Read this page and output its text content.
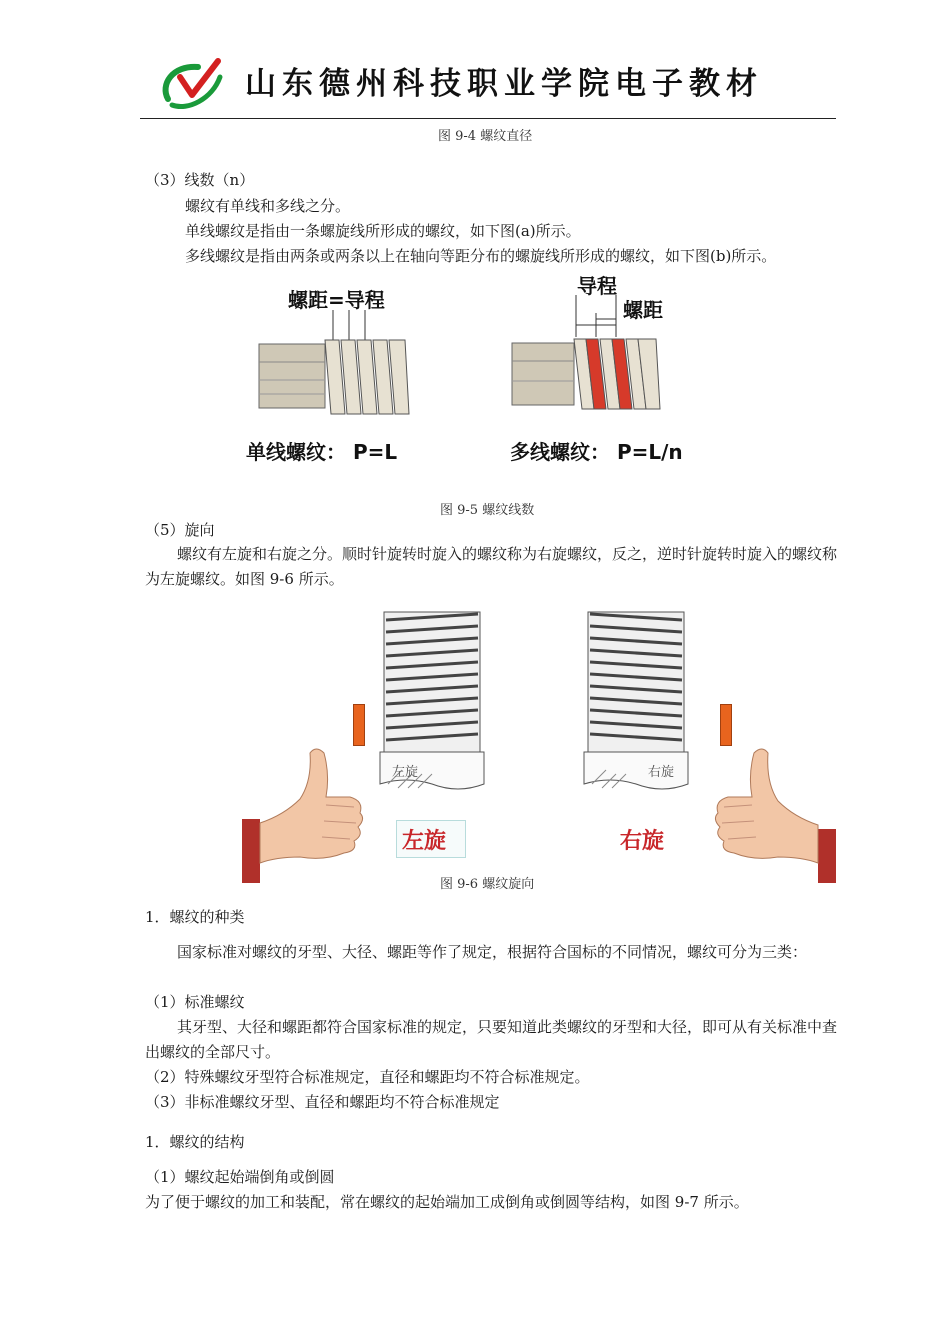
山东德州科技职业学院电子教材
图 9-4 螺纹直径
（3）线数（n）
螺纹有单线和多线之分。
单线螺纹是指由一条螺旋线所形成的螺纹，如下图(a)所示。
多线螺纹是指由两条或两条以上在轴向等距分布的螺旋线所形成的螺纹，如下图(b)所示。
螺距=导程
单线螺纹： P=L
导程
螺距
多线螺纹： P=L/n
图 9-5 螺纹线数
（5）旋向
螺纹有左旋和右旋之分。顺时针旋转时旋入的螺纹称为右旋螺纹，反之，逆时针旋转时旋入的螺纹称为左旋螺纹。如图 9-6 所示。
左旋	右旋
左旋	右旋
图 9-6 螺纹旋向
1．螺纹的种类
国家标准对螺纹的牙型、大径、螺距等作了规定，根据符合国标的不同情况，螺纹可分为三类：
（1）标准螺纹
其牙型、大径和螺距都符合国家标准的规定，只要知道此类螺纹的牙型和大径，即可从有关标准中查出螺纹的全部尺寸。
（2）特殊螺纹牙型符合标准规定，直径和螺距均不符合标准规定。
（3）非标准螺纹牙型、直径和螺距均不符合标准规定
1．螺纹的结构
（1）螺纹起始端倒角或倒圆
为了便于螺纹的加工和装配，常在螺纹的起始端加工成倒角或倒圆等结构，如图 9-7 所示。
